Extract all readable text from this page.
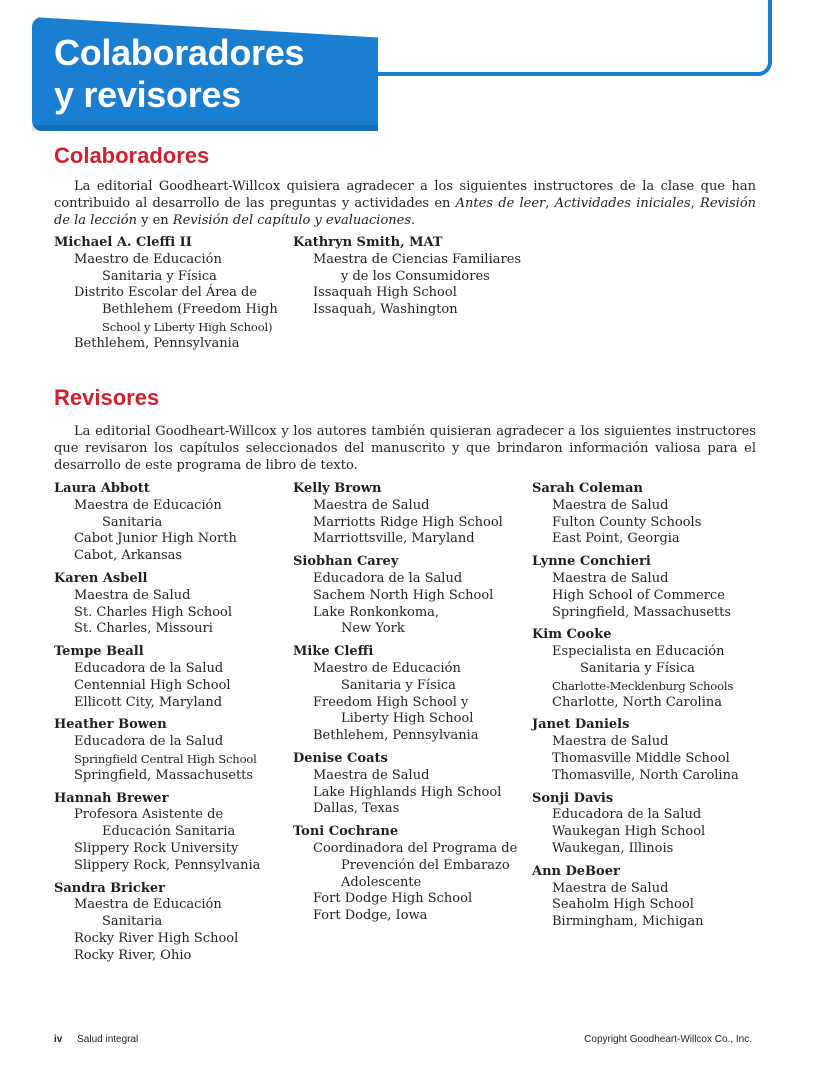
Colaboradores
y revisores
Colaboradores

La editorial Goodheart-Willcox quisiera agradecer a los siguientes instructores de la clase que han contribuido al desarrollo de las preguntas y actividades en Antes de leer, Actividades iniciales, Revisión de la lección y en Revisión del capítulo y evaluaciones.

Michael A. Cleffi II
Maestro de Educación
Sanitaria y Física
Distrito Escolar del Área de
Bethlehem (Freedom High
School y Liberty High School)
Bethlehem, Pennsylvania
Kathryn Smith, MAT
Maestra de Ciencias Familiares
y de los Consumidores
Issaquah High School
Issaquah, Washington
Revisores

La editorial Goodheart-Willcox y los autores también quisieran agradecer a los siguientes instructores que revisaron los capítulos seleccionados del manuscrito y que brindaron información valiosa para el desarrollo de este programa de libro de texto.

Laura Abbott
Maestra de Educación
Sanitaria
Cabot Junior High North
Cabot, Arkansas
Karen Asbell
Maestra de Salud
St. Charles High School
St. Charles, Missouri
Tempe Beall
Educadora de la Salud
Centennial High School
Ellicott City, Maryland
Heather Bowen
Educadora de la Salud
Springfield Central High School
Springfield, Massachusetts
Hannah Brewer
Profesora Asistente de
Educación Sanitaria
Slippery Rock University
Slippery Rock, Pennsylvania
Sandra Bricker
Maestra de Educación
Sanitaria
Rocky River High School
Rocky River, Ohio
Kelly Brown
Maestra de Salud
Marriotts Ridge High School
Marriottsville, Maryland
Siobhan Carey
Educadora de la Salud
Sachem North High School
Lake Ronkonkoma,
New York
Mike Cleffi
Maestro de Educación
Sanitaria y Física
Freedom High School y
Liberty High School
Bethlehem, Pennsylvania
Denise Coats
Maestra de Salud
Lake Highlands High School
Dallas, Texas
Toni Cochrane
Coordinadora del Programa de
Prevención del Embarazo
Adolescente
Fort Dodge High School
Fort Dodge, Iowa
Sarah Coleman
Maestra de Salud
Fulton County Schools
East Point, Georgia
Lynne Conchieri
Maestra de Salud
High School of Commerce
Springfield, Massachusetts
Kim Cooke
Especialista en Educación
Sanitaria y Física
Charlotte-Mecklenburg Schools
Charlotte, North Carolina
Janet Daniels
Maestra de Salud
Thomasville Middle School
Thomasville, North Carolina
Sonji Davis
Educadora de la Salud
Waukegan High School
Waukegan, Illinois
Ann DeBoer
Maestra de Salud
Seaholm High School
Birmingham, Michigan
iv Salud integral	Copyright Goodheart-Willcox Co., Inc.
